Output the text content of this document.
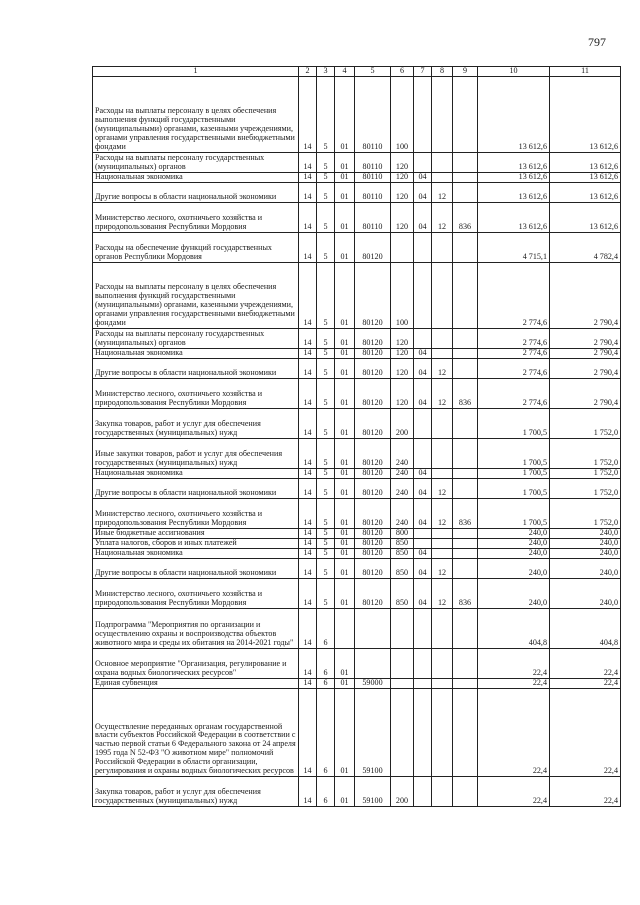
797
1	2	3	4	5	6	7	8	9	10	11
Расходы на выплаты персоналу в целях обеспечения выполнения функций государственными (муниципальными) органами, казенными учреждениями, органами управления государственными внебюджетными фондами	14	5	01	80110	100				13 612,6	13 612,6
Расходы на выплаты персоналу государственных (муниципальных) органов	14	5	01	80110	120				13 612,6	13 612,6
Национальная экономика	14	5	01	80110	120	04			13 612,6	13 612,6
Другие вопросы в области национальной экономики	14	5	01	80110	120	04	12		13 612,6	13 612,6
Министерство лесного, охотничьего хозяйства и природопользования Республики Мордовия	14	5	01	80110	120	04	12	836	13 612,6	13 612,6
Расходы на обеспечение функций государственных органов Республики Мордовия	14	5	01	80120					4 715,1	4 782,4
Расходы на выплаты персоналу в целях обеспечения выполнения функций государственными (муниципальными) органами, казенными учреждениями, органами управления государственными внебюджетными фондами	14	5	01	80120	100				2 774,6	2 790,4
Расходы на выплаты персоналу государственных (муниципальных) органов	14	5	01	80120	120				2 774,6	2 790,4
Национальная экономика	14	5	01	80120	120	04			2 774,6	2 790,4
Другие вопросы в области национальной экономики	14	5	01	80120	120	04	12		2 774,6	2 790,4
Министерство лесного, охотничьего хозяйства и природопользования Республики Мордовия	14	5	01	80120	120	04	12	836	2 774,6	2 790,4
Закупка товаров, работ и услуг для обеспечения государственных (муниципальных) нужд	14	5	01	80120	200				1 700,5	1 752,0
Иные закупки товаров, работ и услуг для обеспечения государственных (муниципальных) нужд	14	5	01	80120	240				1 700,5	1 752,0
Национальная экономика	14	5	01	80120	240	04			1 700,5	1 752,0
Другие вопросы в области национальной экономики	14	5	01	80120	240	04	12		1 700,5	1 752,0
Министерство лесного, охотничьего хозяйства и природопользования Республики Мордовия	14	5	01	80120	240	04	12	836	1 700,5	1 752,0
Иные бюджетные ассигнования	14	5	01	80120	800				240,0	240,0
Уплата налогов, сборов и иных платежей	14	5	01	80120	850				240,0	240,0
Национальная экономика	14	5	01	80120	850	04			240,0	240,0
Другие вопросы в области национальной экономики	14	5	01	80120	850	04	12		240,0	240,0
Министерство лесного, охотничьего хозяйства и природопользования Республики Мордовия	14	5	01	80120	850	04	12	836	240,0	240,0
Подпрограмма "Мероприятия по организации и осуществлению охраны и воспроизводства объектов животного мира и среды их обитания на 2014-2021 годы"	14	6							404,8	404,8
Основное мероприятие "Организация, регулирование и охрана водных биологических ресурсов"	14	6	01						22,4	22,4
Единая субвенция	14	6	01	59000					22,4	22,4
Осуществление переданных органам государственной власти субъектов Российской Федерации в соответствии с частью первой статьи 6 Федерального закона от 24 апреля 1995 года N 52-ФЗ "О животном мире" полномочий Российской Федерации в области организации, регулирования и охраны водных биологических ресурсов	14	6	01	59100					22,4	22,4
Закупка товаров, работ и услуг для обеспечения государственных (муниципальных) нужд	14	6	01	59100	200				22,4	22,4
